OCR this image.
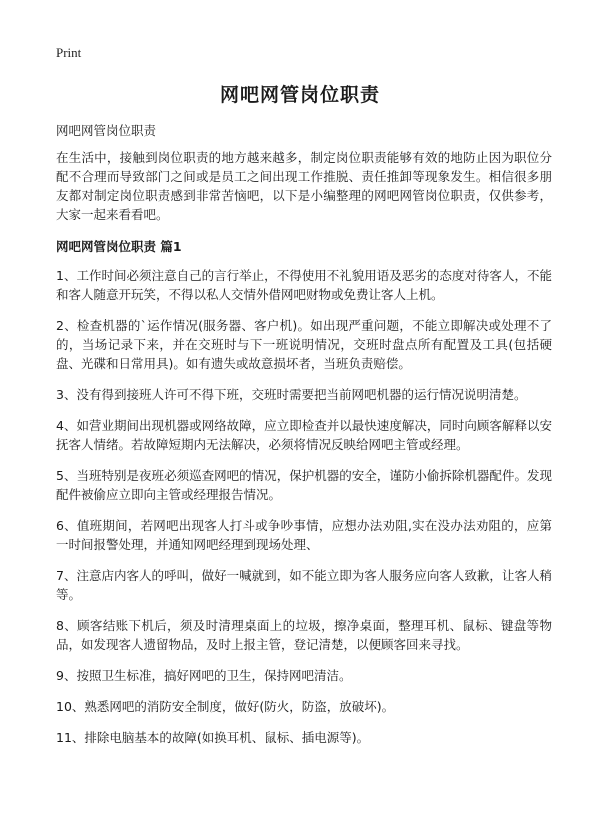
Print
网吧网管岗位职责

网吧网管岗位职责

在生活中，接触到岗位职责的地方越来越多，制定岗位职责能够有效的地防止因为职位分配不合理而导致部门之间或是员工之间出现工作推脱、责任推卸等现象发生。相信很多朋友都对制定岗位职责感到非常苦恼吧，以下是小编整理的网吧网管岗位职责，仅供参考，大家一起来看看吧。

网吧网管岗位职责 篇1

1、工作时间必须注意自己的言行举止，不得使用不礼貌用语及恶劣的态度对待客人，不能和客人随意开玩笑，不得以私人交情外借网吧财物或免费让客人上机。

2、检查机器的`运作情况(服务器、客户机)。如出现严重问题，不能立即解决或处理不了的，当场记录下来，并在交班时与下一班说明情况，交班时盘点所有配置及工具(包括硬盘、光碟和日常用具)。如有遗失或故意损坏者，当班负责赔偿。

3、没有得到接班人许可不得下班，交班时需要把当前网吧机器的运行情况说明清楚。

4、如营业期间出现机器或网络故障，应立即检查并以最快速度解决，同时向顾客解释以安抚客人情绪。若故障短期内无法解决，必须将情况反映给网吧主管或经理。

5、当班特别是夜班必须巡查网吧的情况，保护机器的安全，谨防小偷拆除机器配件。发现配件被偷应立即向主管或经理报告情况。

6、值班期间，若网吧出现客人打斗或争吵事情，应想办法劝阻,实在没办法劝阻的，应第一时间报警处理，并通知网吧经理到现场处理、

7、注意店内客人的呼叫，做好一喊就到，如不能立即为客人服务应向客人致歉，让客人稍等。

8、顾客结账下机后，须及时清理桌面上的垃圾，擦净桌面，整理耳机、鼠标、键盘等物品，如发现客人遗留物品，及时上报主管，登记清楚，以便顾客回来寻找。

9、按照卫生标准，搞好网吧的卫生，保持网吧清洁。

10、熟悉网吧的消防安全制度，做好(防火，防盗，放破坏)。

11、排除电脑基本的故障(如换耳机、鼠标、插电源等)。
